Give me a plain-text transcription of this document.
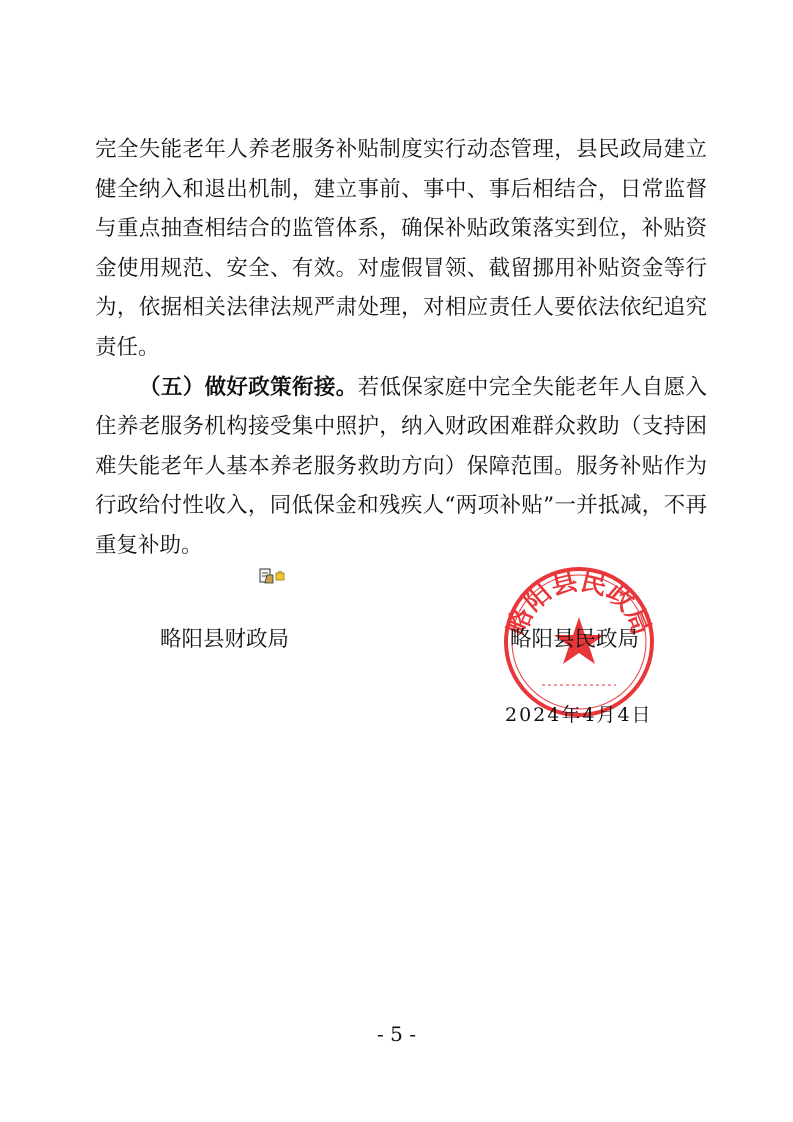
完全失能老年人养老服务补贴制度实行动态管理，县民政局建立健全纳入和退出机制，建立事前、事中、事后相结合，日常监督与重点抽查相结合的监管体系，确保补贴政策落实到位，补贴资金使用规范、安全、有效。对虚假冒领、截留挪用补贴资金等行为，依据相关法律法规严肃处理，对相应责任人要依法依纪追究责任。

（五）做好政策衔接。若低保家庭中完全失能老年人自愿入住养老服务机构接受集中照护，纳入财政困难群众救助（支持困难失能老年人基本养老服务救助方向）保障范围。服务补贴作为行政给付性收入，同低保金和残疾人“两项补贴”一并抵减，不再重复补助。

略阳县财政局
略阳县民政局
略阳县民政局
2024年4月4日
- 5 -
